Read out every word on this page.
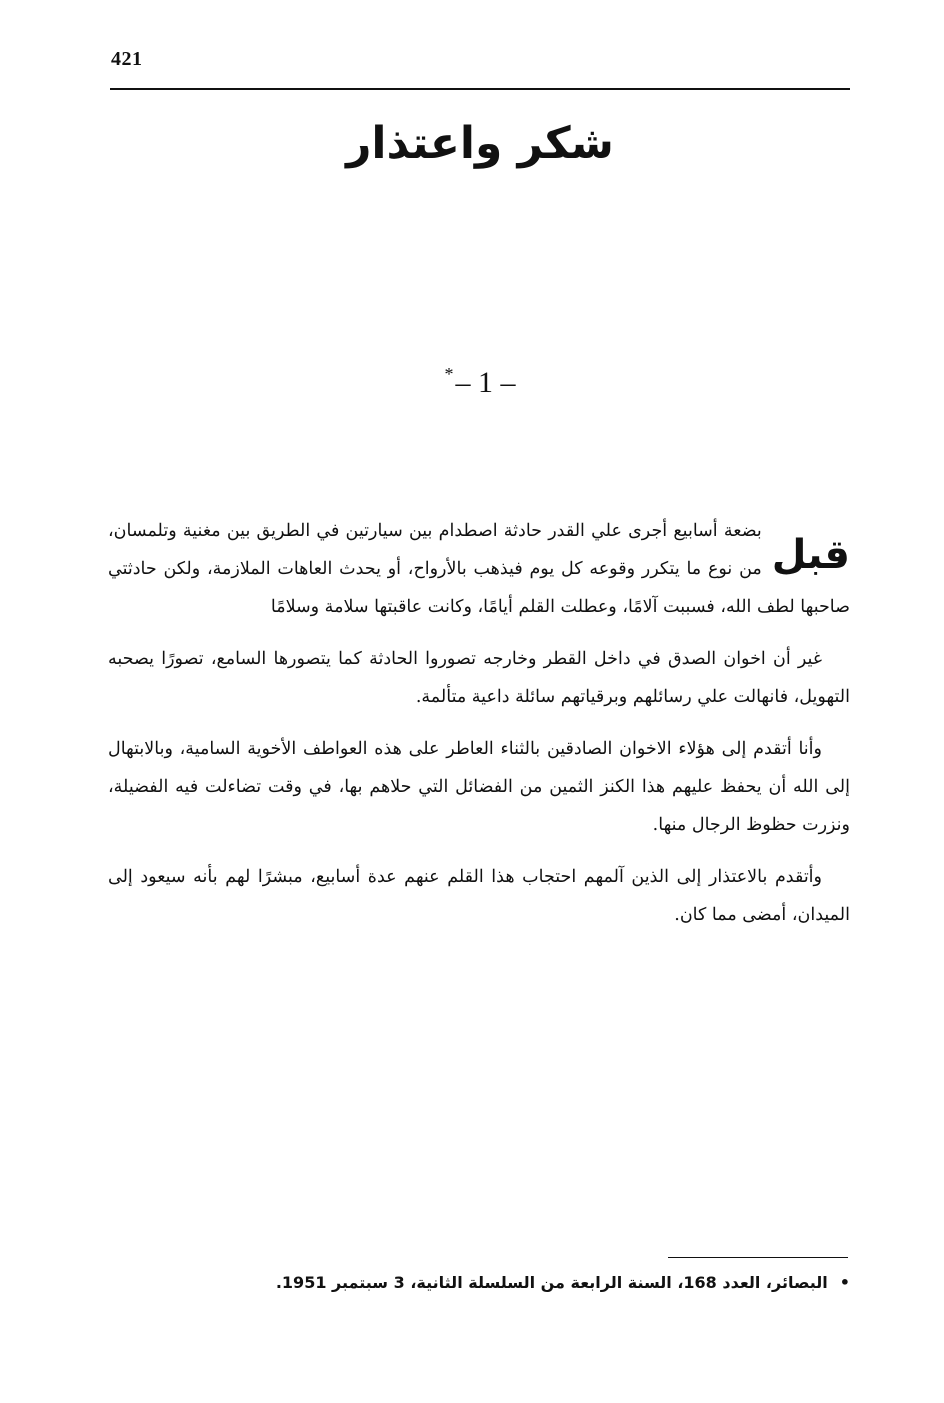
421
شكر واعتذار
*– 1 –

قبل
بضعة أسابيع أجرى علي القدر حادثة اصطدام بين سيارتين في الطريق بين مغنية وتلمسان، من نوع ما يتكرر وقوعه كل يوم فيذهب بالأرواح، أو يحدث العاهات الملازمة، ولكن حادثتي صاحبها لطف الله، فسببت آلامًا، وعطلت القلم أيامًا، وكانت عاقبتها سلامة وسلامًا

غير أن اخوان الصدق في داخل القطر وخارجه تصوروا الحادثة كما يتصورها السامع، تصورًا يصحبه التهويل، فانهالت علي رسائلهم وبرقياتهم سائلة داعية متألمة.

وأنا أتقدم إلى هؤلاء الاخوان الصادقين بالثناء العاطر على هذه العواطف الأخوية السامية، وبالابتهال إلى الله أن يحفظ عليهم هذا الكنز الثمين من الفضائل التي حلاهم بها، في وقت تضاءلت فيه الفضيلة، ونزرت حظوظ الرجال منها.

وأتقدم بالاعتذار إلى الذين آلمهم احتجاب هذا القلم عنهم عدة أسابيع، مبشرًا لهم بأنه سيعود إلى الميدان، أمضى مما كان.

•البصائر، العدد 168، السنة الرابعة من السلسلة الثانية، 3 سبتمبر 1951.
